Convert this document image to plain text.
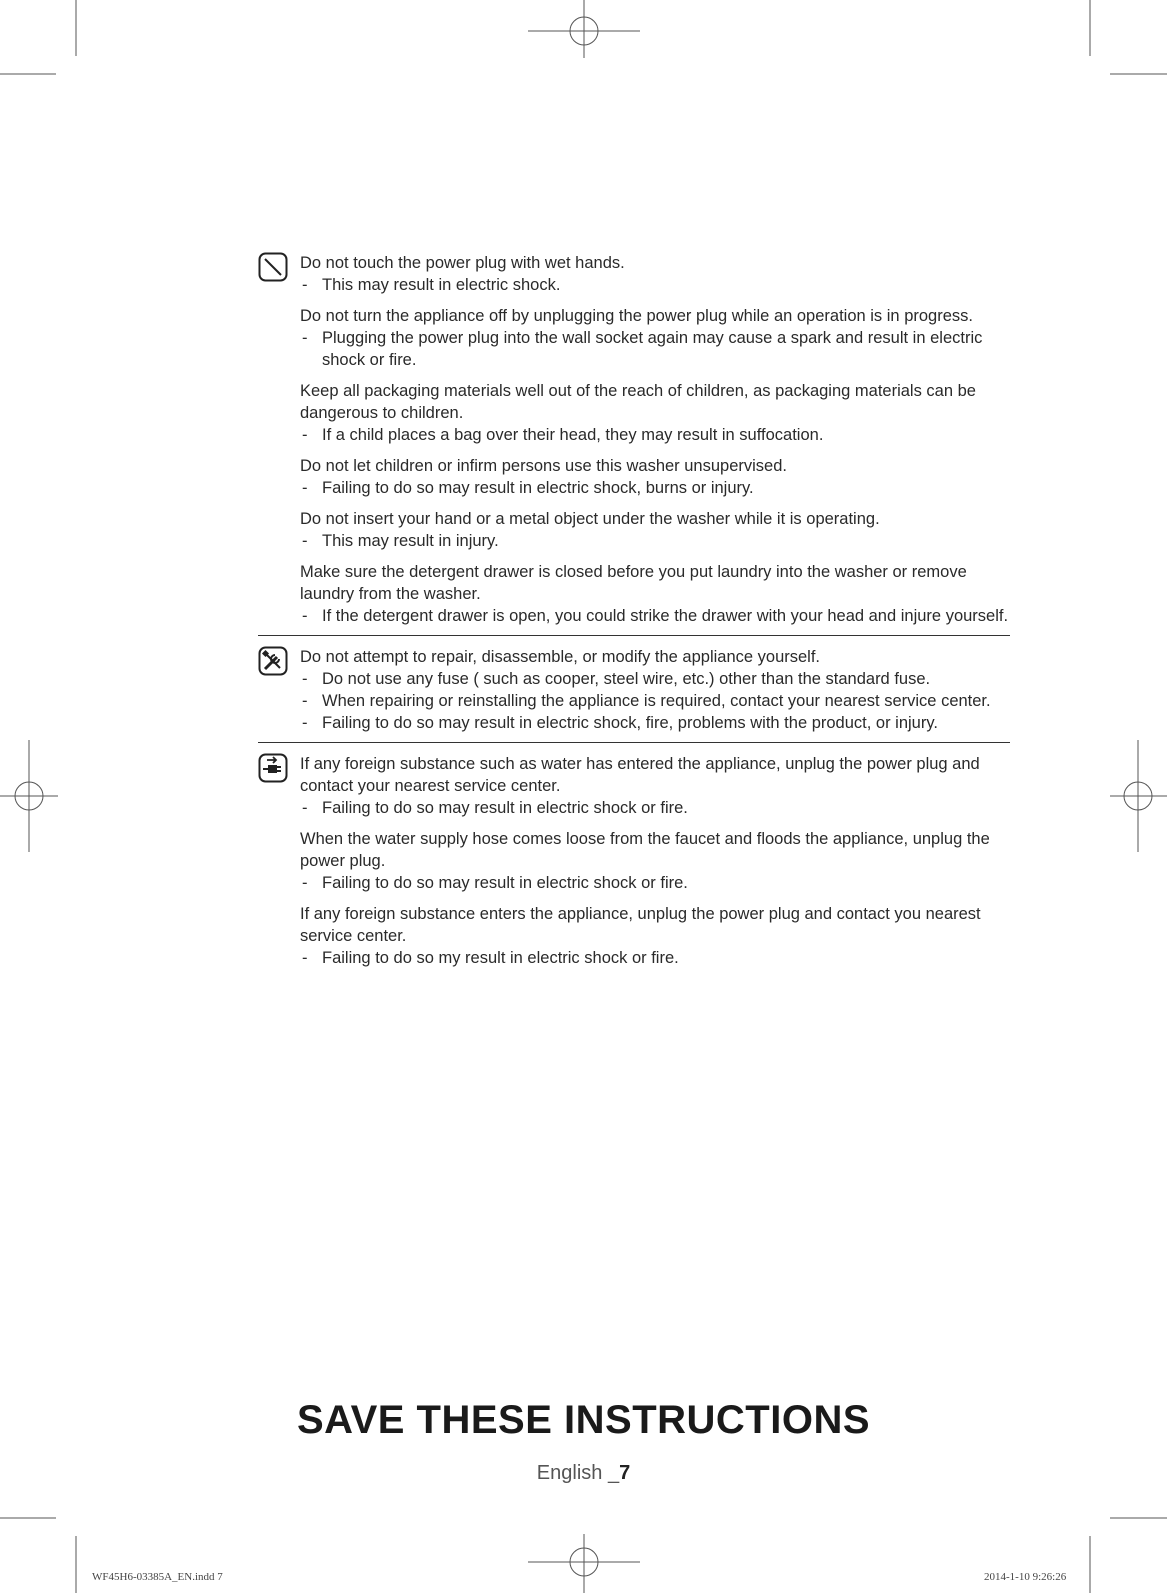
Do not touch the power plug with wet hands.

- This may result in electric shock.

Do not turn the appliance off by unplugging the power plug while an operation is in progress.

- Plugging the power plug into the wall socket again may cause a spark and result in electric shock or fire.

Keep all packaging materials well out of the reach of children, as packaging materials can be dangerous to children.

- If a child places a bag over their head, they may result in suffocation.

Do not let children or infirm persons use this washer unsupervised.

- Failing to do so may result in electric shock, burns or injury.

Do not insert your hand or a metal object under the washer while it is operating.

- This may result in injury.

Make sure the detergent drawer is closed before you put laundry into the washer or remove laundry from the washer.

- If the detergent drawer is open, you could strike the drawer with your head and injure yourself.

Do not attempt to repair, disassemble, or modify the appliance yourself.

- Do not use any fuse ( such as cooper, steel wire, etc.) other than the standard fuse.

- When repairing or reinstalling the appliance is required, contact your nearest service center.

- Failing to do so may result in electric shock, fire, problems with the product, or injury.

If any foreign substance such as water has entered the appliance, unplug the power plug and contact your nearest service center.

- Failing to do so may result in electric shock or fire.

When the water supply hose comes loose from the faucet and floods the appliance, unplug the power plug.

- Failing to do so may result in electric shock or fire.

If any foreign substance enters the appliance, unplug the power plug and contact you nearest service center.

- Failing to do so my result in electric shock or fire.

SAVE THESE INSTRUCTIONS
English _7
WF45H6-03385A_EN.indd 7	2014-1-10 9:26:26
